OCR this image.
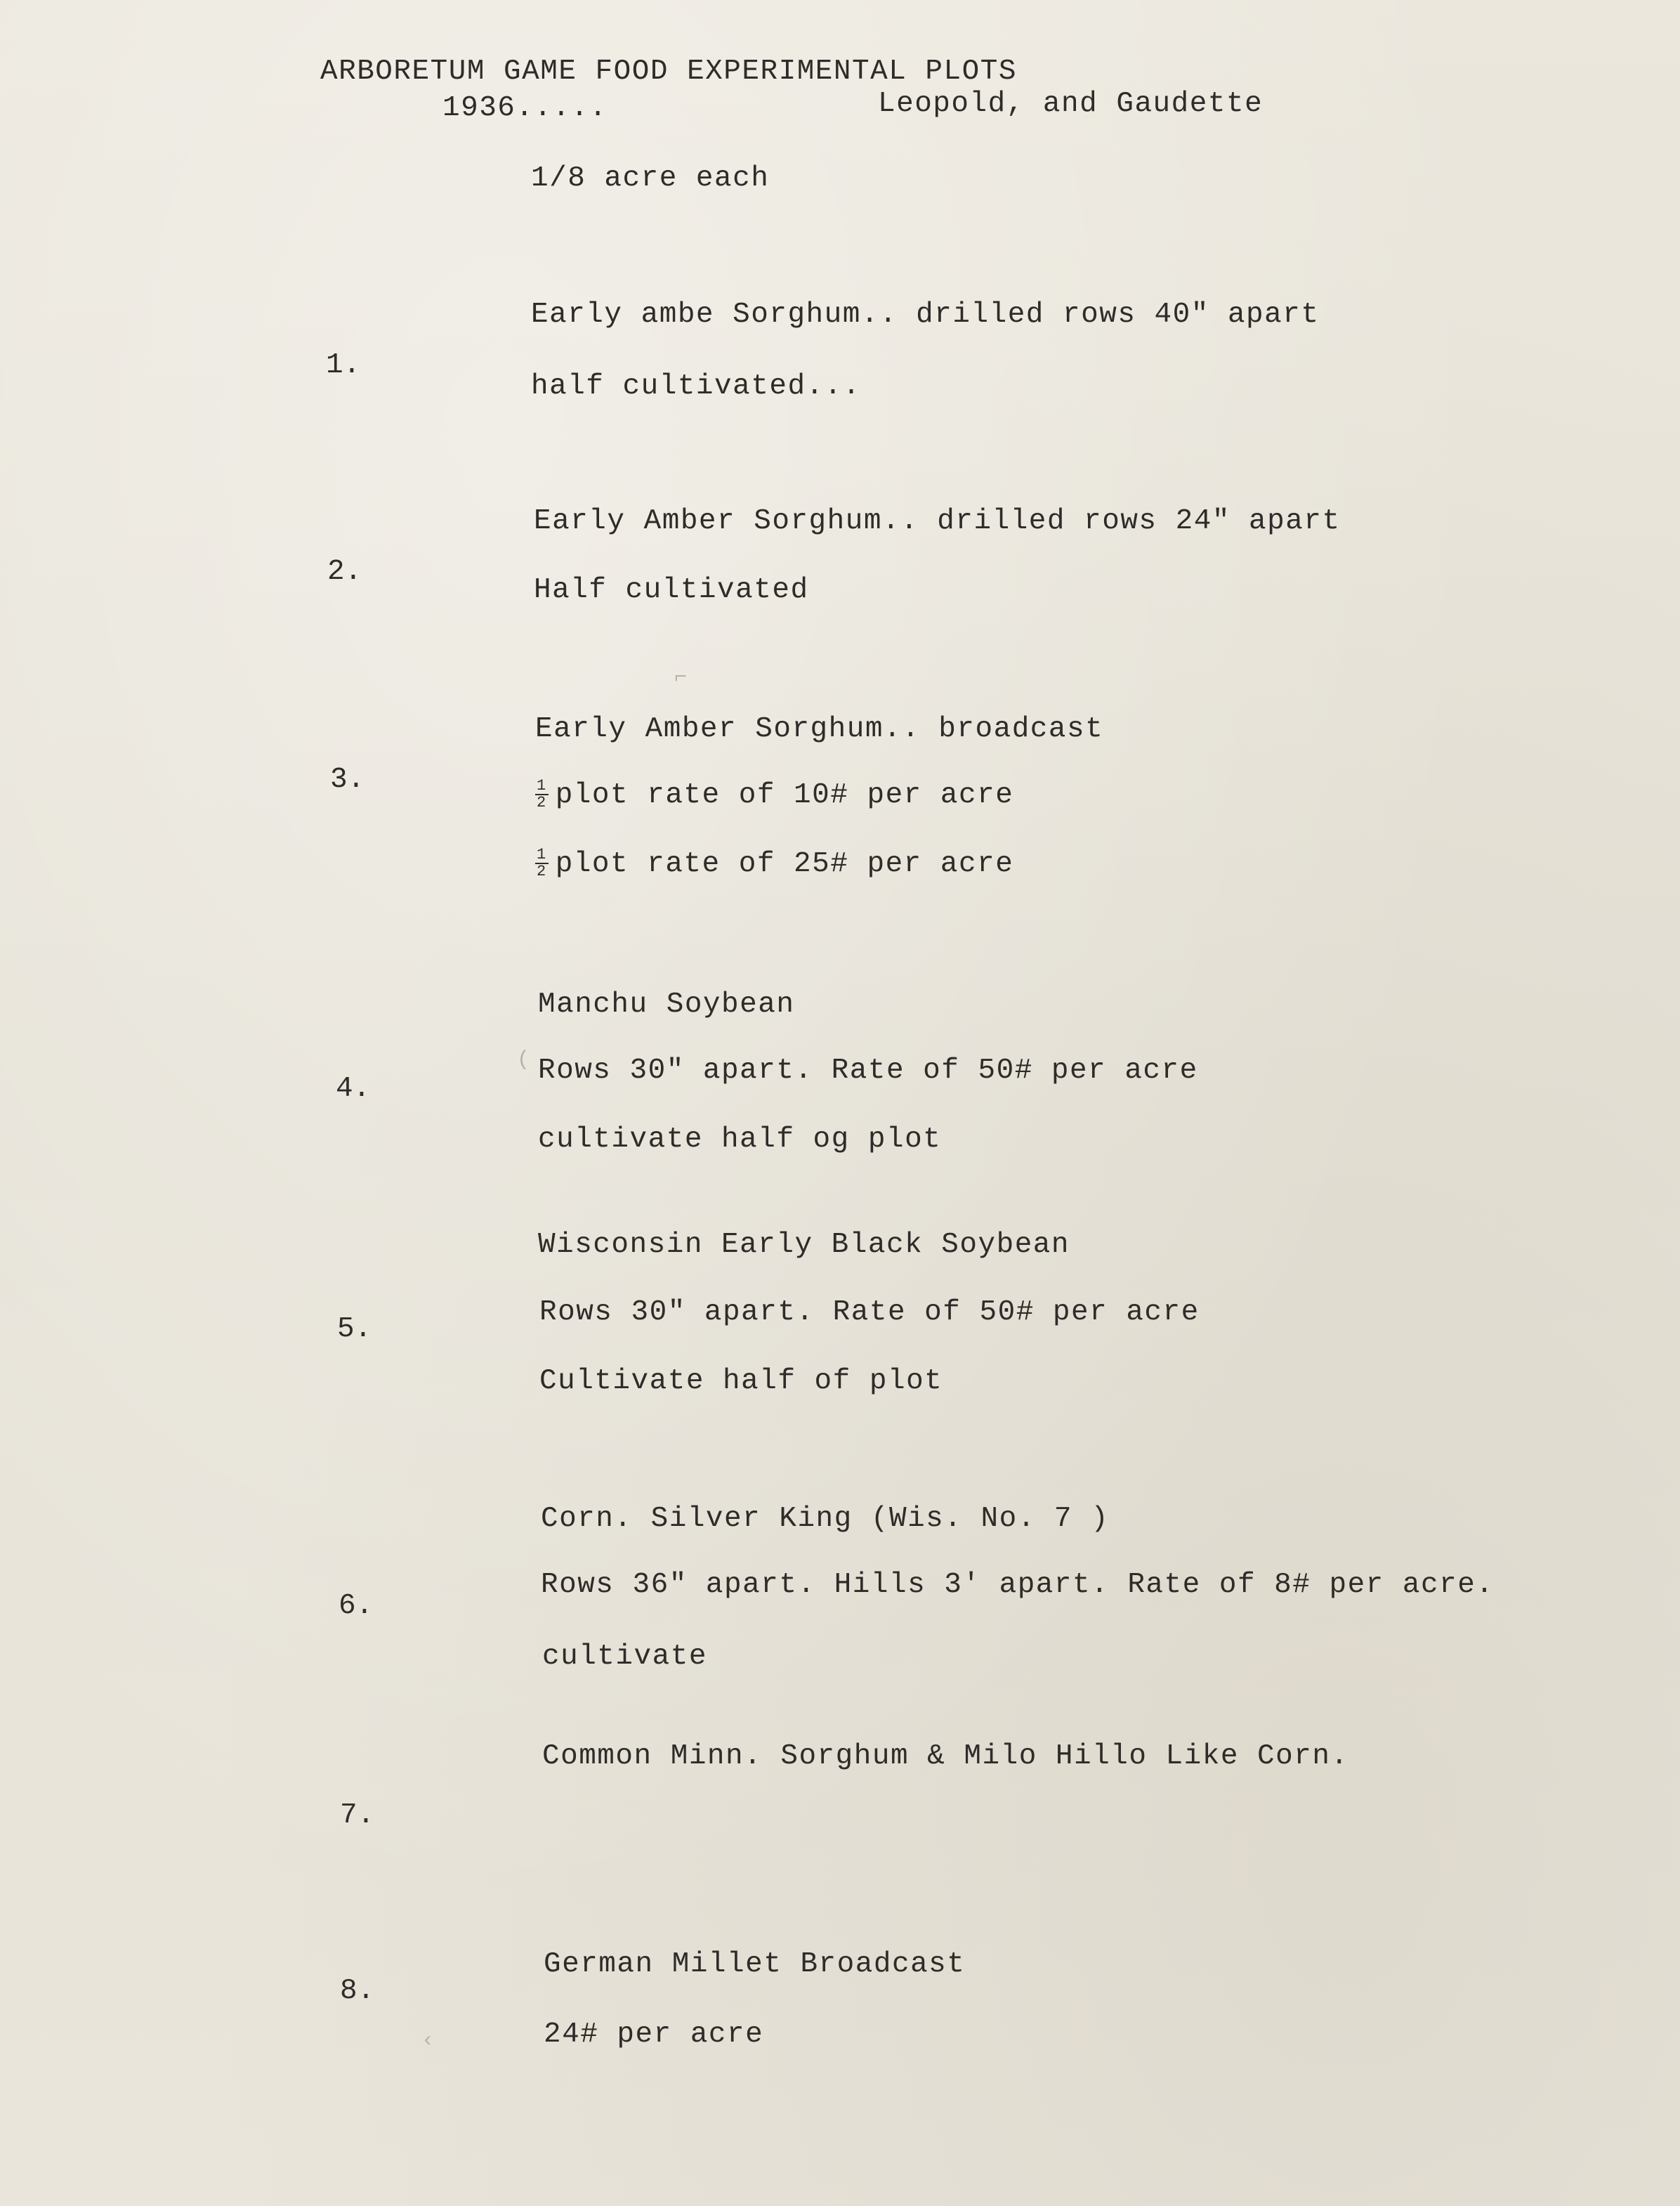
ARBORETUM GAME FOOD EXPERIMENTAL PLOTS
1936.....	Leopold, and Gaudette
1/8 acre each
1.
Early ambe Sorghum.. drilled rows 40" apart
half cultivated...
2.
Early Amber Sorghum.. drilled rows 24" apart
Half cultivated
3.
Early Amber Sorghum.. broadcast
$\frac{1}{2}$ plot rate of 10# per acre
$\frac{1}{2}$ plot rate of 25# per acre
4.
Manchu Soybean
Rows 30" apart. Rate of 50# per acre
cultivate half og plot
5.
Wisconsin Early Black Soybean
Rows 30" apart. Rate of 50# per acre
Cultivate half of plot
6.
Corn. Silver King (Wis. No. 7 )
Rows 36" apart. Hills 3' apart. Rate of 8# per acre.
cultivate
7.
Common Minn. Sorghum & Milo Hillo Like Corn.
8.
German Millet Broadcast
24# per acre
⌐
(
‹
